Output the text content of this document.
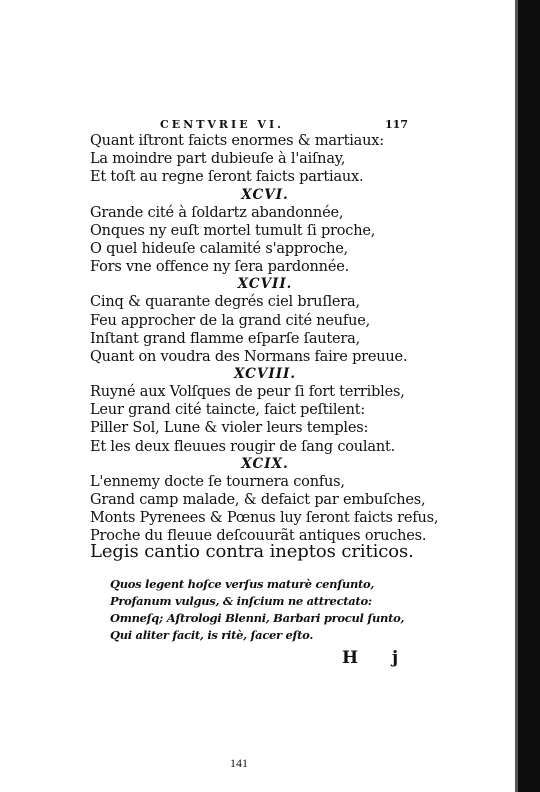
CENTVRIE VI.	117
Quant iſtront faicts enormes & martiaux:
La moindre part dubieuſe à l'aiſnay,
Et toſt au regne ſeront faicts partiaux.
XCVI.
Grande cité à ſoldartz abandonnée,
Onques ny euſt mortel tumult ſi proche,
O quel hideuſe calamité s'approche,
Fors vne offence ny ſera pardonnée.
XCVII.
Cinq & quarante degrés ciel bruſlera,
Feu approcher de la grand cité neufue,
Inſtant grand flamme eſparſe ſautera,
Quant on voudra des Normans faire preuue.
XCVIII.
Ruyné aux Volſques de peur ſi fort terribles,
Leur grand cité taincte, faict peſtilent:
Piller Sol, Lune & violer leurs temples:
Et les deux fleuues rougir de ſang coulant.
XCIX.
L'ennemy docte ſe tournera confus,
Grand camp malade, & defaict par embuſches,
Monts Pyrenees & Pœnus luy ſeront faicts refus,
Proche du fleuue deſcouurãt antiques oruches.
Legis cantio contra ineptos criticos.
Quos legent hoſce verſus maturè cenſunto,
Profanum vulgus, & inſcium ne attrectato:
Omneſq; Aſtrologi Blenni, Barbari procul ſunto,
Qui aliter facit, is ritè, ſacer eſto.
H j
141
